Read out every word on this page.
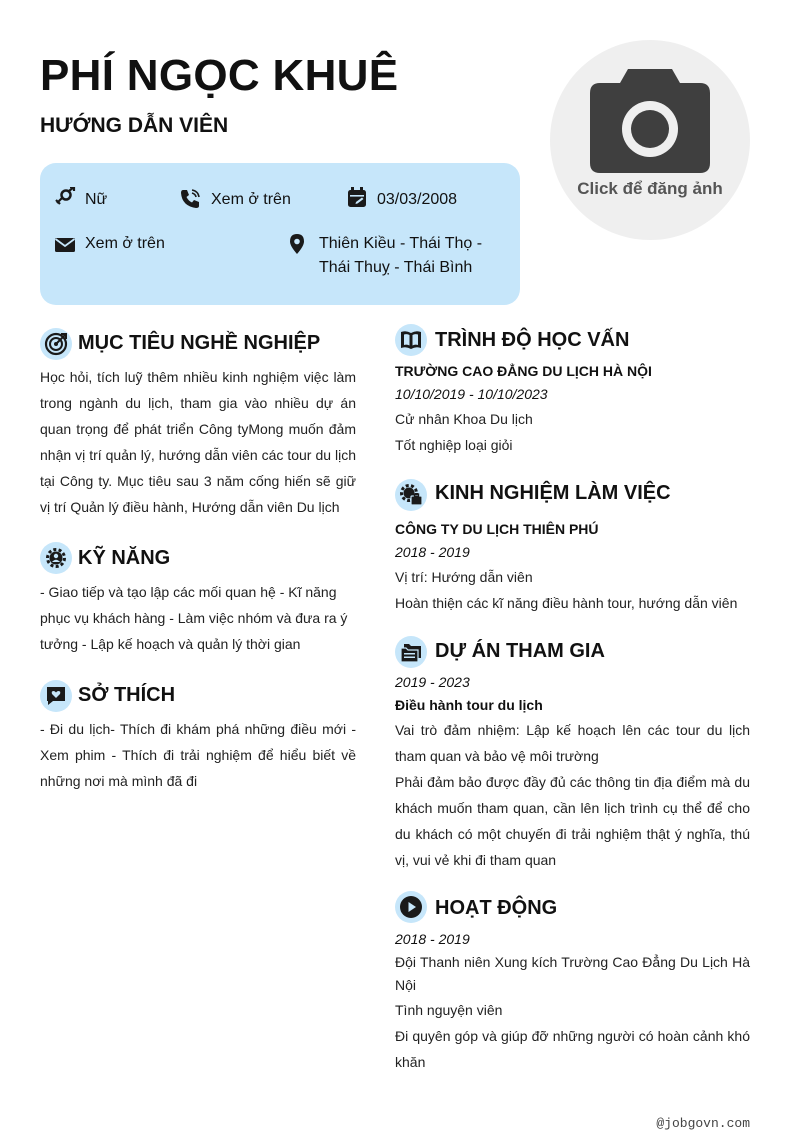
PHÍ NGỌC KHUÊ
HƯỚNG DẪN VIÊN
Click để đăng ảnh
Nữ	Xem ở trên	03/03/2008
Xem ở trên	Thiên Kiều - Thái Thọ - Thái Thuỵ - Thái Bình
MỤC TIÊU NGHỀ NGHIỆP
Học hỏi, tích luỹ thêm nhiều kinh nghiệm việc làm trong ngành du lịch, tham gia vào nhiều dự án quan trọng để phát triển Công tyMong muốn đảm nhận vị trí quản lý, hướng dẫn viên các tour du lịch tại Công ty. Mục tiêu sau 3 năm cống hiến sẽ giữ vị trí Quản lý điều hành, Hướng dẫn viên Du lịch
KỸ NĂNG
- Giao tiếp và tạo lập các mối quan hệ - Kĩ năng phục vụ khách hàng - Làm việc nhóm và đưa ra ý tưởng - Lập kế hoạch và quản lý thời gian
SỞ THÍCH
- Đi du lịch- Thích đi khám phá những điều mới - Xem phim - Thích đi trải nghiệm để hiểu biết về những nơi mà mình đã đi
TRÌNH ĐỘ HỌC VẤN
TRƯỜNG CAO ĐẲNG DU LỊCH HÀ NỘI
10/10/2019 - 10/10/2023
Cử nhân Khoa Du lịch
Tốt nghiệp loại giỏi
KINH NGHIỆM LÀM VIỆC
CÔNG TY DU LỊCH THIÊN PHÚ
2018 - 2019
Vị trí: Hướng dẫn viên
Hoàn thiện các kĩ năng điều hành tour, hướng dẫn viên
DỰ ÁN THAM GIA
2019 - 2023
Điều hành tour du lịch
Vai trò đảm nhiệm: Lập kế hoạch lên các tour du lịch tham quan và bảo vệ môi trường
Phải đảm bảo được đầy đủ các thông tin địa điểm mà du khách muốn tham quan, cần lên lịch trình cụ thể để cho du khách có một chuyến đi trải nghiệm thật ý nghĩa, thú vị, vui vẻ khi đi tham quan
HOẠT ĐỘNG
2018 - 2019
Đội Thanh niên Xung kích Trường Cao Đẳng Du Lịch Hà Nội
Tình nguyện viên
Đi quyên góp và giúp đỡ những người có hoàn cảnh khó khăn
@jobgovn.com
